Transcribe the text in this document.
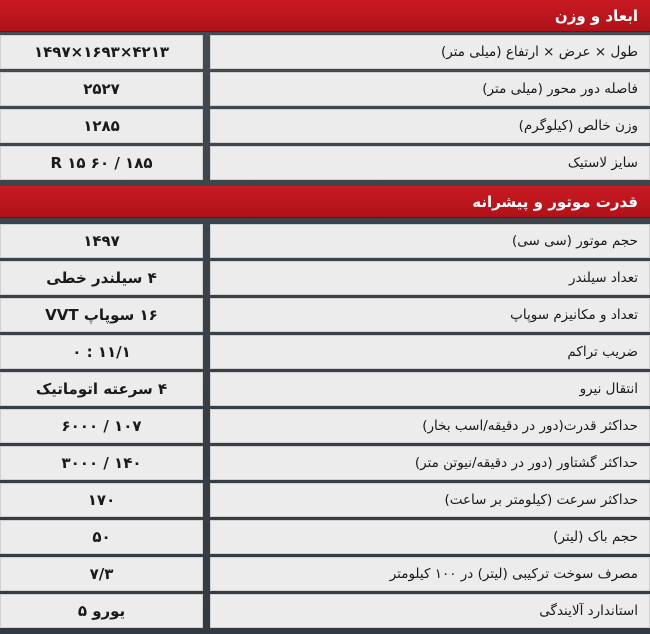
ابعاد و وزن
طول × عرض × ارتفاع (میلی متر)
۴۲۱۳×۱۶۹۳×۱۴۹۷
فاصله دور محور (میلی متر)
۲۵۲۷
وزن خالص (کیلوگرم)
۱۲۸۵
سایز لاستیک
۱۸۵ / ۶۰ R ۱۵
قدرت موتور و پیشرانه
حجم موتور (سی سی)
۱۴۹۷
تعداد سیلندر
۴ سیلندر خطی
تعداد و مکانیزم سوپاپ
۱۶ سوپاپ VVT
ضریب تراکم
۱۱/۱ : ۰
انتقال نیرو
۴ سرعته اتوماتیک
حداکثر قدرت(دور در دقیقه/اسب بخار)
۱۰۷ / ۶۰۰۰
حداکثر گشتاور (دور در دقیقه/نیوتن متر)
۱۴۰ / ۳۰۰۰
حداکثر سرعت (کیلومتر بر ساعت)
۱۷۰
حجم باک (لیتر)
۵۰
مصرف سوخت ترکیبی (لیتر) در ۱۰۰ کیلومتر
۷/۳
استاندارد آلایندگی
یورو ۵
